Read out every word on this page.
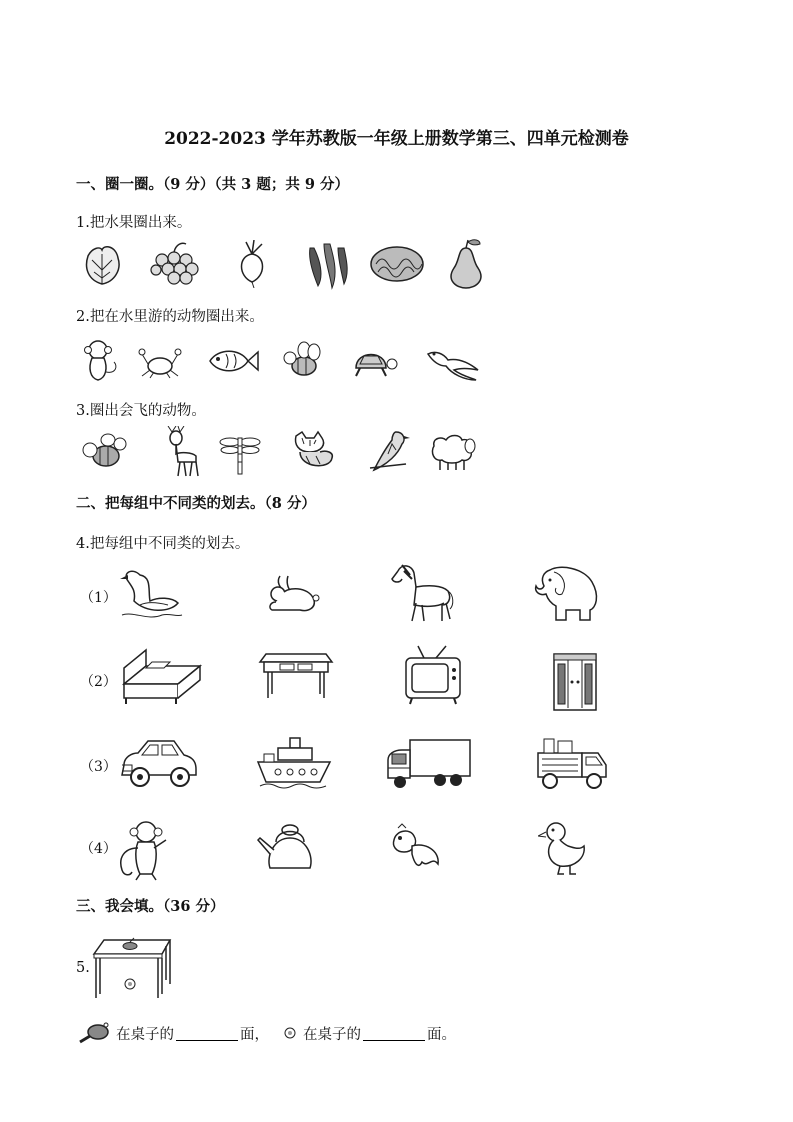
2022-2023 学年苏教版一年级上册数学第三、四单元检测卷
一、圈一圈。（9 分）（共 3 题；共 9 分）
1.把水果圈出来。
2.把在水里游的动物圈出来。
3.圈出会飞的动物。
二、把每组中不同类的划去。（8 分）
4.把每组中不同类的划去。
（1）
（2）
（3）
（4）
三、我会填。（36 分）
5.
在桌子的	面， 在桌子的	面。
